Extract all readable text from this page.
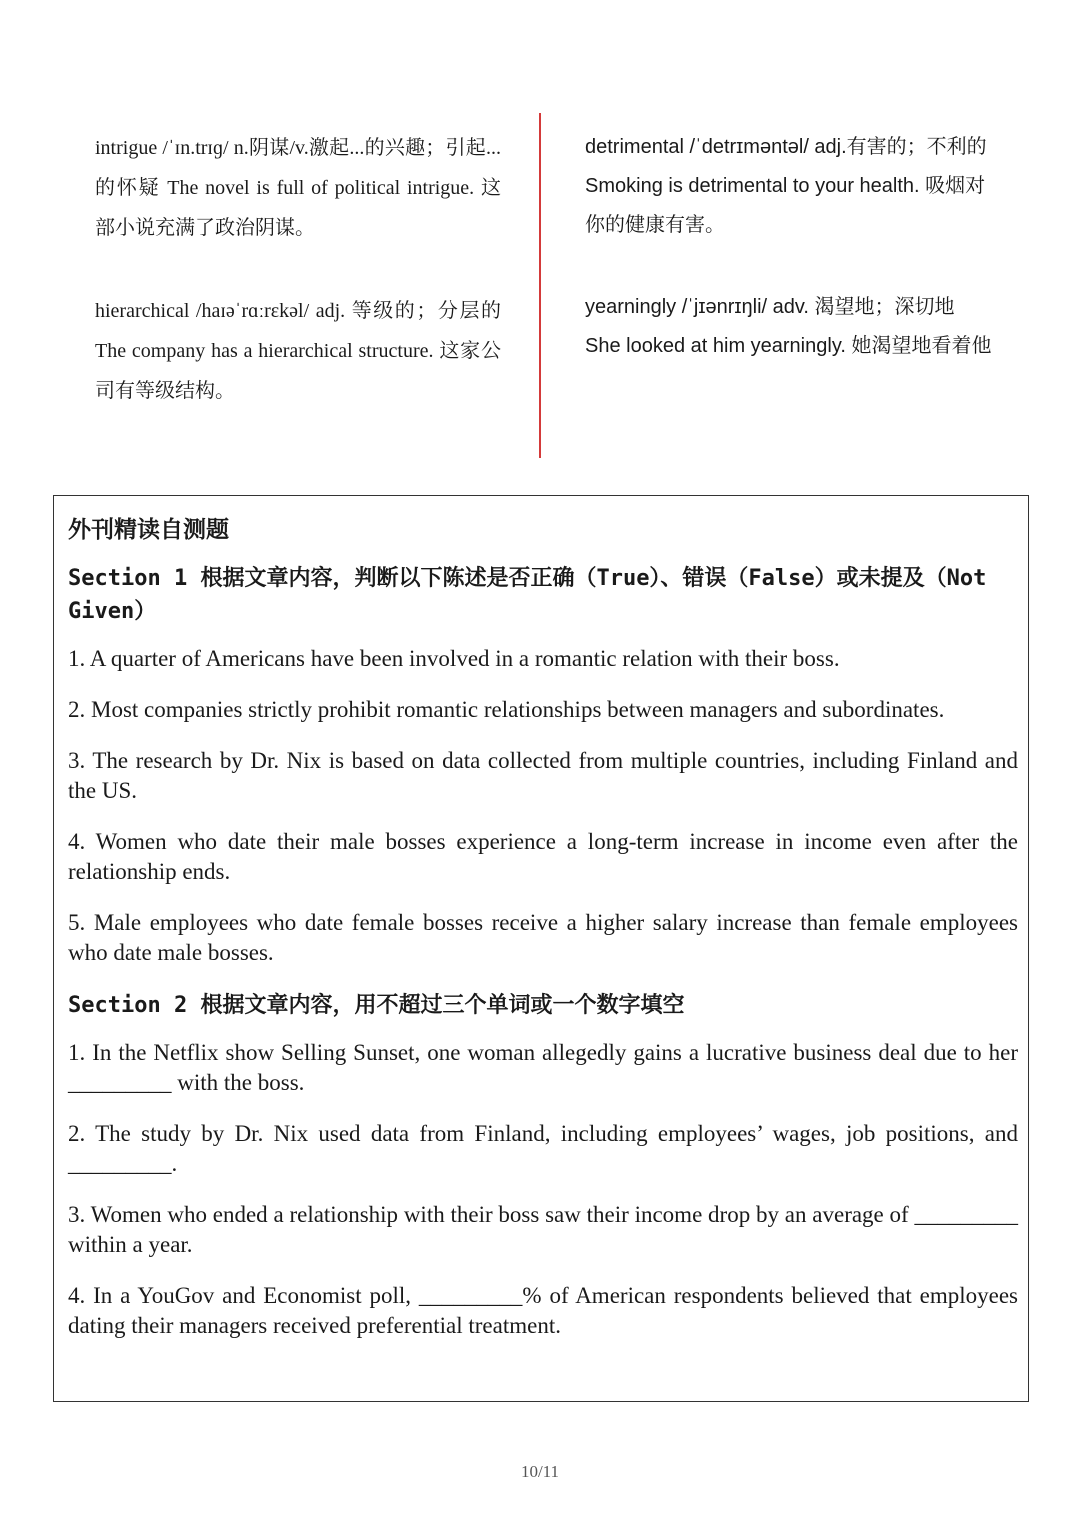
intrigue /ˈɪn.trɪɡ/ n.阴谋/v.激起...的兴趣；引起...的怀疑 The novel is full of political intrigue. 这部小说充满了政治阴谋。

hierarchical /haɪəˈrɑːrɛkəl/ adj. 等级的；分层的 The company has a hierarchical structure. 这家公司有等级结构。

detrimental /ˈdetrɪməntəl/ adj.有害的；不利的 Smoking is detrimental to your health. 吸烟对你的健康有害。

yearningly /ˈjɪənrɪŋli/ adv. 渴望地；深切地 She looked at him yearningly. 她渴望地看着他

外刊精读自测题
Section 1 根据文章内容，判断以下陈述是否正确（True）、错误（False）或未提及（Not Given）

1. A quarter of Americans have been involved in a romantic relation with their boss.

2. Most companies strictly prohibit romantic relationships between managers and subordinates.

3. The research by Dr. Nix is based on data collected from multiple countries, including Finland and the US.

4. Women who date their male bosses experience a long-term increase in income even after the relationship ends.

5. Male employees who date female bosses receive a higher salary increase than female employees who date male bosses.

Section 2 根据文章内容，用不超过三个单词或一个数字填空

1. In the Netflix show Selling Sunset, one woman allegedly gains a lucrative business deal due to her _________ with the boss.

2. The study by Dr. Nix used data from Finland, including employees’ wages, job positions, and _________.

3. Women who ended a relationship with their boss saw their income drop by an average of _________ within a year.

4. In a YouGov and Economist poll, _________% of American respondents believed that employees dating their managers received preferential treatment.

10/11
